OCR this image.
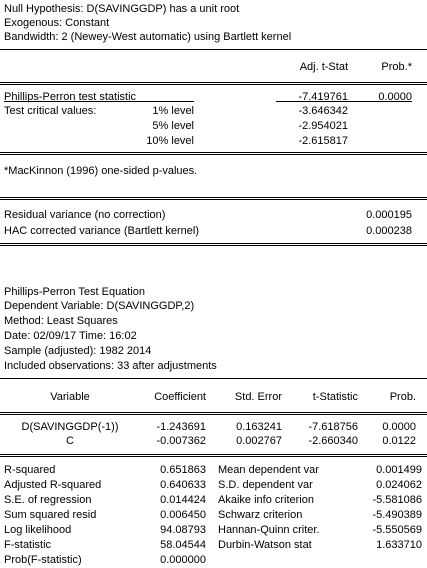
Null Hypothesis: D(SAVINGGDP) has a unit root
Exogenous: Constant
Bandwidth: 2 (Newey-West automatic) using Bartlett kernel
Adj. t-Stat	Prob.*
Phillips-Perron test statistic	-7.419761	0.0000
Test critical values:	1% level	-3.646342
5% level	-2.954021
10% level	-2.615817
*MacKinnon (1996) one-sided p-values.
Residual variance (no correction)	0.000195
HAC corrected variance (Bartlett kernel)	0.000238
Phillips-Perron Test Equation
Dependent Variable: D(SAVINGGDP,2)
Method: Least Squares
Date: 02/09/17 Time: 16:02
Sample (adjusted): 1982 2014
Included observations: 33 after adjustments
Variable	Coefficient	Std. Error	t-Statistic	Prob.
D(SAVINGGDP(-1))	-1.243691	0.163241	-7.618756	0.0000
C	-0.007362	0.002767	-2.660340	0.0122
R-squared	0.651863 Mean dependent var	0.001499
Adjusted R-squared	0.640633 S.D. dependent var	0.024062
S.E. of regression	0.014424 Akaike info criterion	-5.581086
Sum squared resid	0.006450 Schwarz criterion	-5.490389
Log likelihood	94.08793 Hannan-Quinn criter.	-5.550569
F-statistic	58.04544 Durbin-Watson stat	1.633710
Prob(F-statistic)	0.000000
